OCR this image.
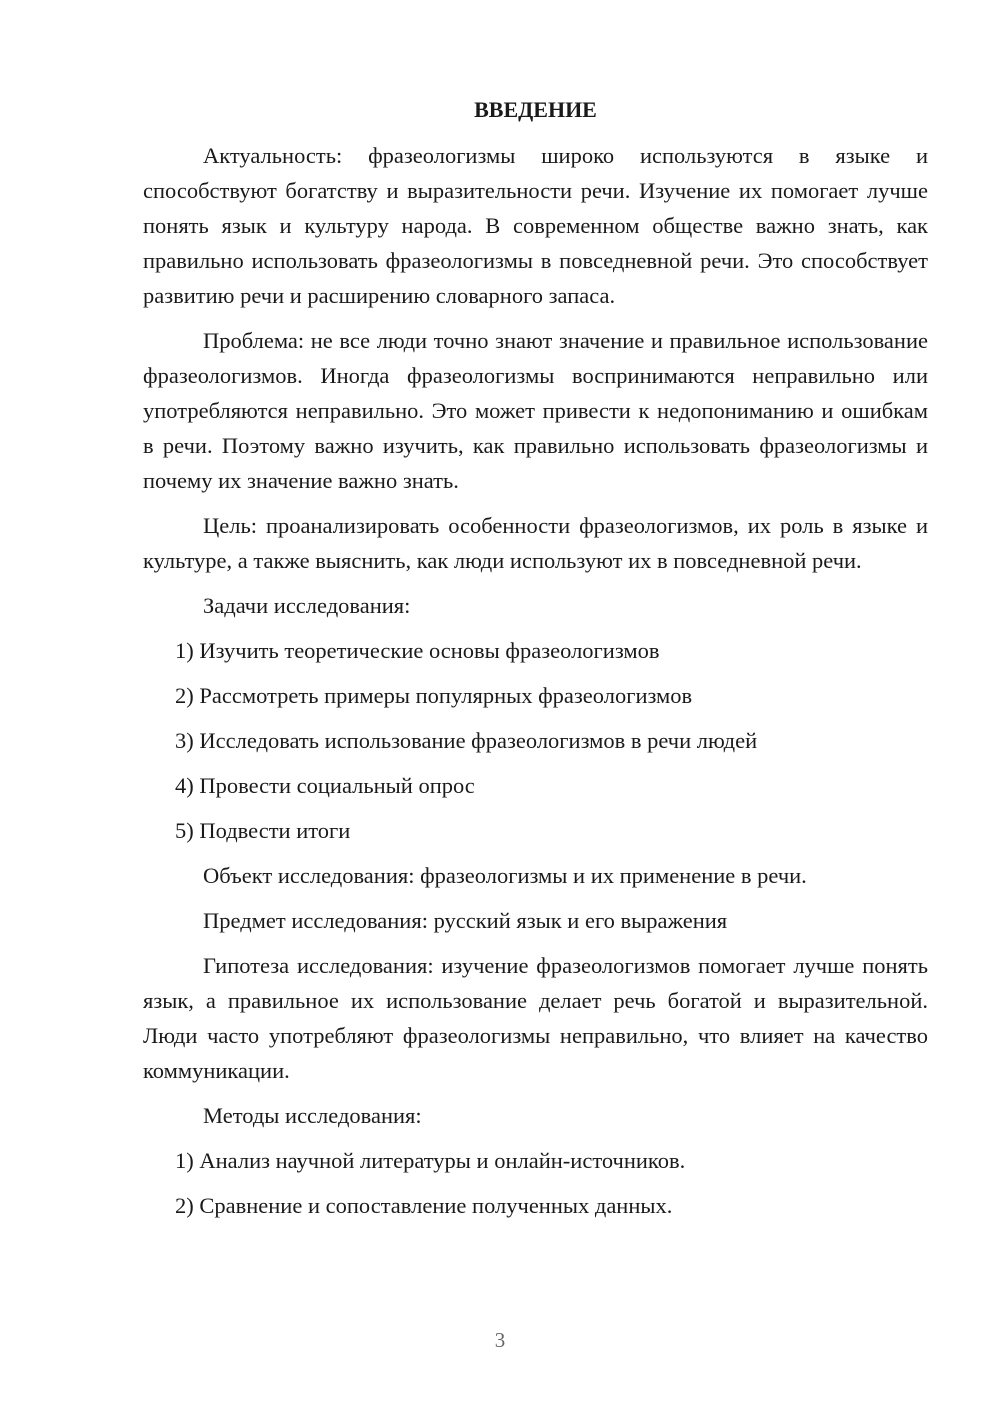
ВВЕДЕНИЕ

Актуальность: фразеологизмы широко используются в языке и способствуют богатству и выразительности речи. Изучение их помогает лучше понять язык и культуру народа. В современном обществе важно знать, как правильно использовать фразеологизмы в повседневной речи. Это способствует развитию речи и расширению словарного запаса.

Проблема: не все люди точно знают значение и правильное использование фразеологизмов. Иногда фразеологизмы воспринимаются неправильно или употребляются неправильно. Это может привести к недопониманию и ошибкам в речи. Поэтому важно изучить, как правильно использовать фразеологизмы и почему их значение важно знать.

Цель: проанализировать особенности фразеологизмов, их роль в языке и культуре, а также выяснить, как люди используют их в повседневной речи.

Задачи исследования:

1) Изучить теоретические основы фразеологизмов

2) Рассмотреть примеры популярных фразеологизмов

3) Исследовать использование фразеологизмов в речи людей

4) Провести социальный опрос

5) Подвести итоги

Объект исследования: фразеологизмы и их применение в речи.

Предмет исследования: русский язык и его выражения

Гипотеза исследования: изучение фразеологизмов помогает лучше понять язык, а правильное их использование делает речь богатой и выразительной. Люди часто употребляют фразеологизмы неправильно, что влияет на качество коммуникации.

Методы исследования:

1) Анализ научной литературы и онлайн-источников.

2) Сравнение и сопоставление полученных данных.

3
